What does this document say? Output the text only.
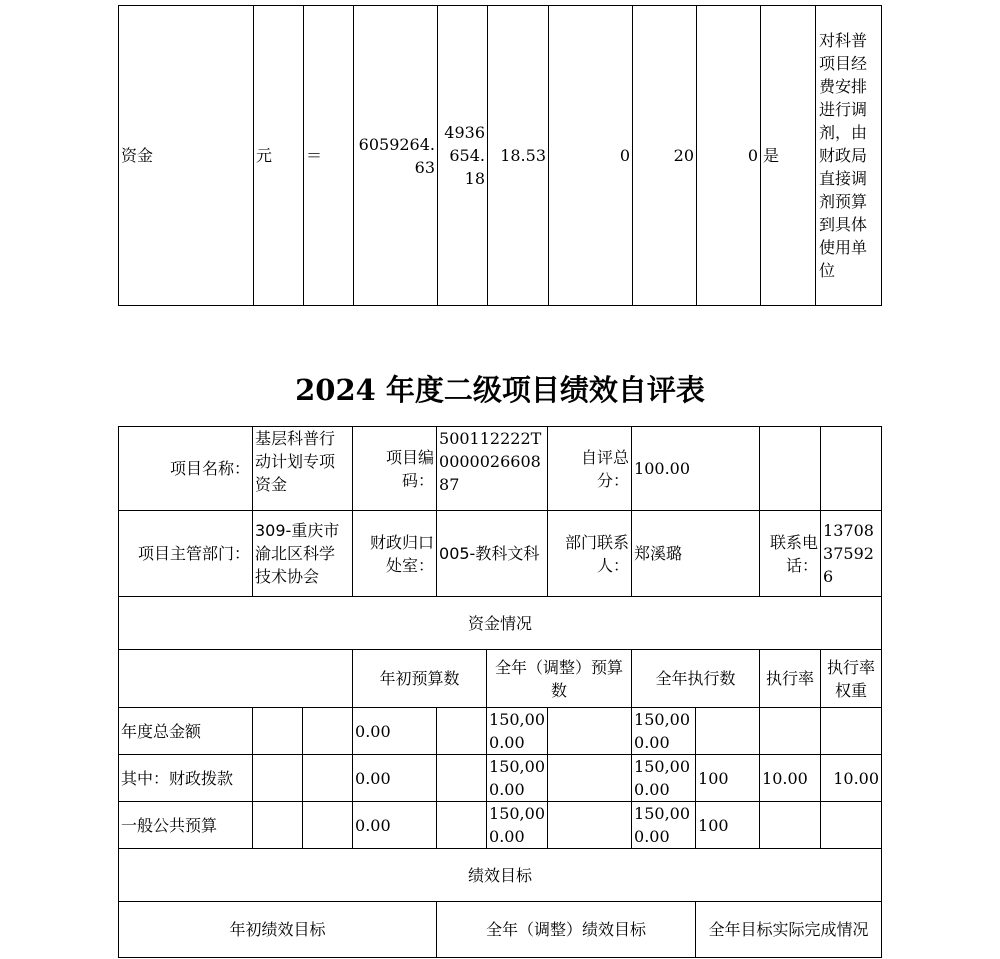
资金	元	＝	6059264.63	4936654.18	18.53	0	20	0	是	对科普项目经费安排进行调剂，由财政局直接调剂预算到具体使用单位
2024 年度二级项目绩效自评表
项目名称：	基层科普行动计划专项资金		项目编码：	500112222T000002660887		自评总分：	100.00			
项目主管部门：	309-重庆市渝北区科学技术协会		财政归口处室：	005-教科文科		部门联系人：	郑溪璐		联系电话：	13708375926
资金情况										
			年初预算数		全年（调整）预算数		全年执行数		执行率	执行率权重
年度总金额			0.00		150,000.00		150,000.00			
其中：财政拨款			0.00		150,000.00		150,000.00	100	10.00	10.00
一般公共预算			0.00		150,000.00		150,000.00	100		
绩效目标										
年初绩效目标				全年（调整）绩效目标				全年目标实际完成情况		
